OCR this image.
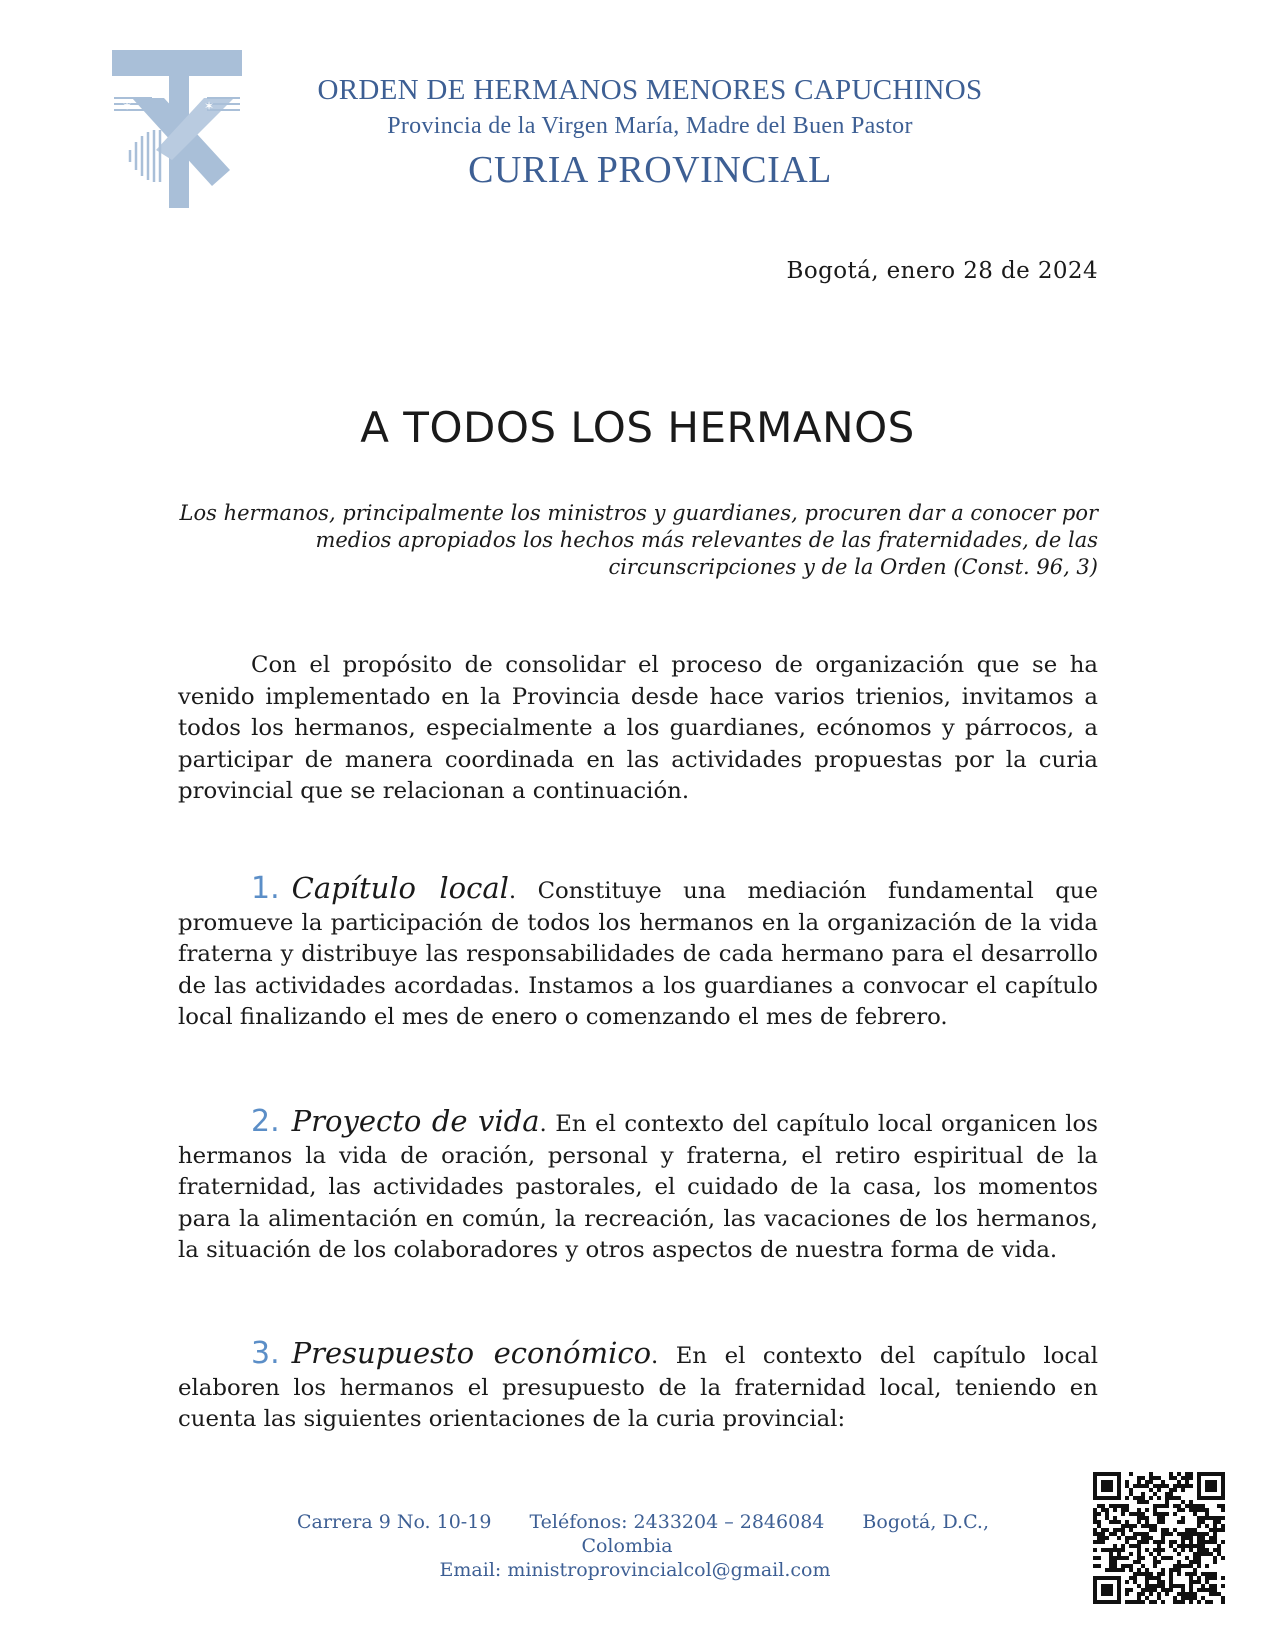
✶	✶	ORDEN DE HERMANOS MENORES CAPUCHINOS
Provincia de la Virgen María, Madre del Buen Pastor
CURIA PROVINCIAL
Bogotá, enero 28 de 2024
A TODOS LOS HERMANOS
Los hermanos, principalmente los ministros y guardianes, procuren dar a conocer por medios apropiados los hechos más relevantes de las fraternidades, de las circunscripciones y de la Orden (Const. 96, 3)
Con el propósito de consolidar el proceso de organización que se ha venido implementado en la Provincia desde hace varios trienios, invitamos a todos los hermanos, especialmente a los guardianes, ecónomos y párrocos, a participar de manera coordinada en las actividades propuestas por la curia provincial que se relacionan a continuación.
1. Capítulo local. Constituye una mediación fundamental que promueve la participación de todos los hermanos en la organización de la vida fraterna y distribuye las responsabilidades de cada hermano para el desarrollo de las actividades acordadas. Instamos a los guardianes a convocar el capítulo local finalizando el mes de enero o comenzando el mes de febrero.
2. Proyecto de vida. En el contexto del capítulo local organicen los hermanos la vida de oración, personal y fraterna, el retiro espiritual de la fraternidad, las actividades pastorales, el cuidado de la casa, los momentos para la alimentación en común, la recreación, las vacaciones de los hermanos, la situación de los colaboradores y otros aspectos de nuestra forma de vida.
3. Presupuesto económico. En el contexto del capítulo local elaboren los hermanos el presupuesto de la fraternidad local, teniendo en cuenta las siguientes orientaciones de la curia provincial:
Carrera 9 No. 10-19 Teléfonos: 2433204 – 2846084 Bogotá, D.C., Colombia
Email: ministroprovincialcol@gmail.com
